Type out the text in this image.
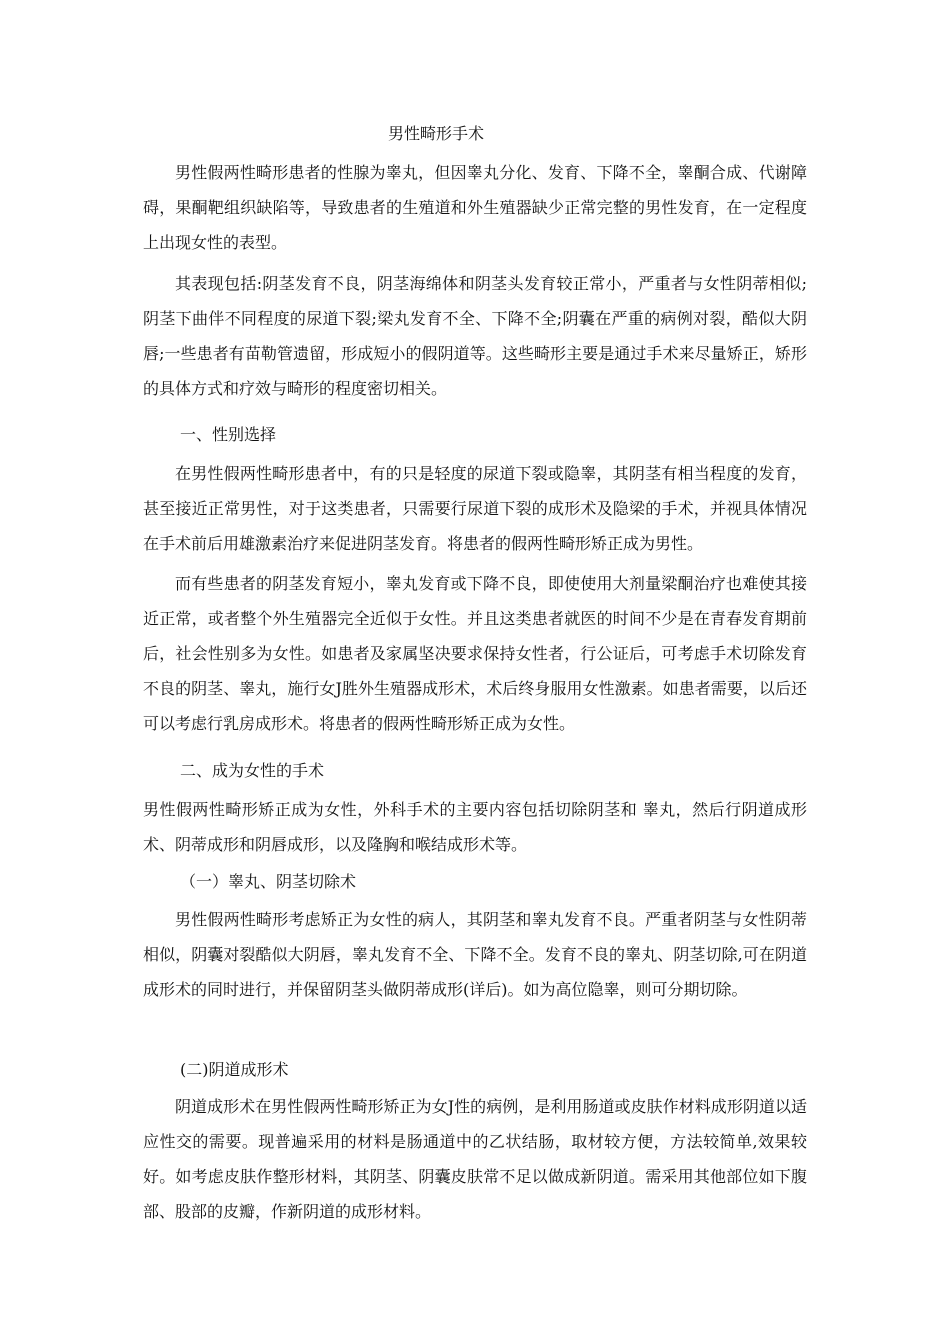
男性畸形手术

男性假两性畸形患者的性腺为睾丸，但因睾丸分化、发育、下降不全，睾酮合成、代谢障碍，果酮靶组织缺陷等，导致患者的生殖道和外生殖器缺少正常完整的男性发育，在一定程度上出现女性的表型。

其表现包括:阴茎发育不良，阴茎海绵体和阴茎头发育较正常小，严重者与女性阴蒂相似;阴茎下曲伴不同程度的尿道下裂;梁丸发育不全、下降不全;阴囊在严重的病例对裂，酷似大阴唇;一些患者有苗勒管遗留，形成短小的假阴道等。这些畸形主要是通过手术来尽量矫正，矫形的具体方式和疗效与畸形的程度密切相关。

一、性别选择

在男性假两性畸形患者中，有的只是轻度的尿道下裂或隐睾，其阴茎有相当程度的发育，甚至接近正常男性，对于这类患者，只需要行尿道下裂的成形术及隐梁的手术，并视具体情况在手术前后用雄激素治疗来促进阴茎发育。将患者的假两性畸形矫正成为男性。

而有些患者的阴茎发育短小，睾丸发育或下降不良，即使使用大剂量梁酮治疗也难使其接近正常，或者整个外生殖器完全近似于女性。并且这类患者就医的时间不少是在青春发育期前后，社会性别多为女性。如患者及家属坚决要求保持女性者，行公证后，可考虑手术切除发育不良的阴茎、睾丸，施行女J胜外生殖器成形术，术后终身服用女性激素。如患者需要，以后还可以考虑行乳房成形术。将患者的假两性畸形矫正成为女性。

二、成为女性的手术

男性假两性畸形矫正成为女性，外科手术的主要内容包括切除阴茎和 睾丸，然后行阴道成形术、阴蒂成形和阴唇成形，以及隆胸和喉结成形术等。

（一）睾丸、阴茎切除术

男性假两性畸形考虑矫正为女性的病人，其阴茎和睾丸发育不良。严重者阴茎与女性阴蒂相似，阴囊对裂酷似大阴唇，睾丸发育不全、下降不全。发育不良的睾丸、阴茎切除,可在阴道成形术的同时进行，并保留阴茎头做阴蒂成形(详后)。如为高位隐睾，则可分期切除。

(二)阴道成形术

阴道成形术在男性假两性畸形矫正为女J性的病例，是利用肠道或皮肤作材料成形阴道以适应性交的需要。现普遍采用的材料是肠通道中的乙状结肠，取材较方便，方法较简单,效果较好。如考虑皮肤作整形材料，其阴茎、阴囊皮肤常不足以做成新阴道。需采用其他部位如下腹部、股部的皮瓣，作新阴道的成形材料。
